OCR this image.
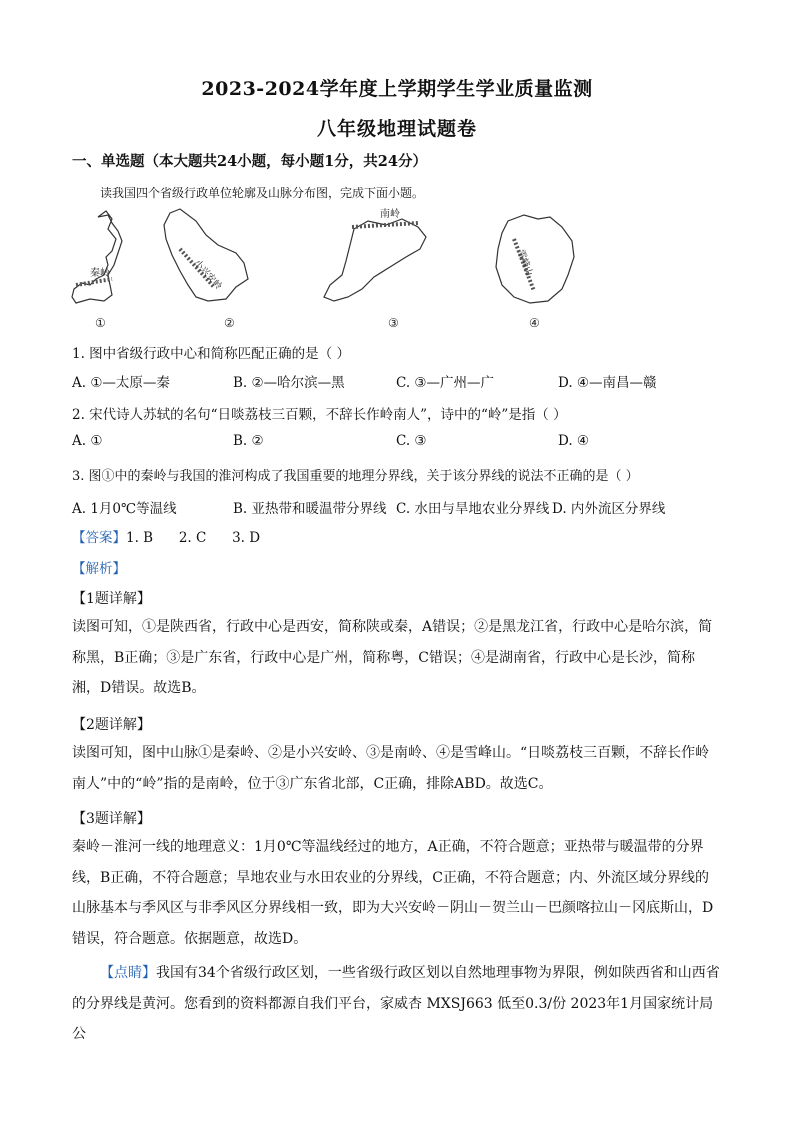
2023-2024学年度上学期学生学业质量监测
八年级地理试题卷
一、单选题（本大题共24小题，每小题1分，共24分）
读我国四个省级行政单位轮廓及山脉分布图，完成下面小题。
秦岭
①
小兴安岭
②
南岭
③
雪峰山
④
1. 图中省级行政中心和简称匹配正确的是（ ）
A. ①—太原—秦	B. ②—哈尔滨—黑	C. ③—广州—广	D. ④—南昌—赣
2. 宋代诗人苏轼的名句“日啖荔枝三百颗，不辞长作岭南人”，诗中的“岭”是指（ ）
A. ①	B. ②	C. ③	D. ④
3. 图①中的秦岭与我国的淮河构成了我国重要的地理分界线，关于该分界线的说法不正确的是（ ）
A. 1月0℃等温线	B. 亚热带和暖温带分界线 C. 水田与旱地农业分界线 D. 内外流区分界线
【答案】1. B      2. C      3. D
【解析】
【1题详解】
读图可知，①是陕西省，行政中心是西安，简称陕或秦，A错误；②是黑龙江省，行政中心是哈尔滨，简称黑，B正确；③是广东省，行政中心是广州，简称粤，C错误；④是湖南省，行政中心是长沙，简称湘，D错误。故选B。
【2题详解】
读图可知，图中山脉①是秦岭、②是小兴安岭、③是南岭、④是雪峰山。“日啖荔枝三百颗，不辞长作岭南人”中的“岭”指的是南岭，位于③广东省北部，C正确，排除ABD。故选C。
【3题详解】
秦岭－淮河一线的地理意义：1月0℃等温线经过的地方，A正确，不符合题意；亚热带与暖温带的分界线，B正确，不符合题意；旱地农业与水田农业的分界线，C正确，不符合题意；内、外流区域分界线的山脉基本与季风区与非季风区分界线相一致，即为大兴安岭－阴山－贺兰山－巴颜喀拉山－冈底斯山，D错误，符合题意。依据题意，故选D。
【点睛】我国有34个省级行政区划，一些省级行政区划以自然地理事物为界限，例如陕西省和山西省的分界线是黄河。您看到的资料都源自我们平台，家威杏 MXSJ663 低至0.3/份 2023年1月国家统计局公
